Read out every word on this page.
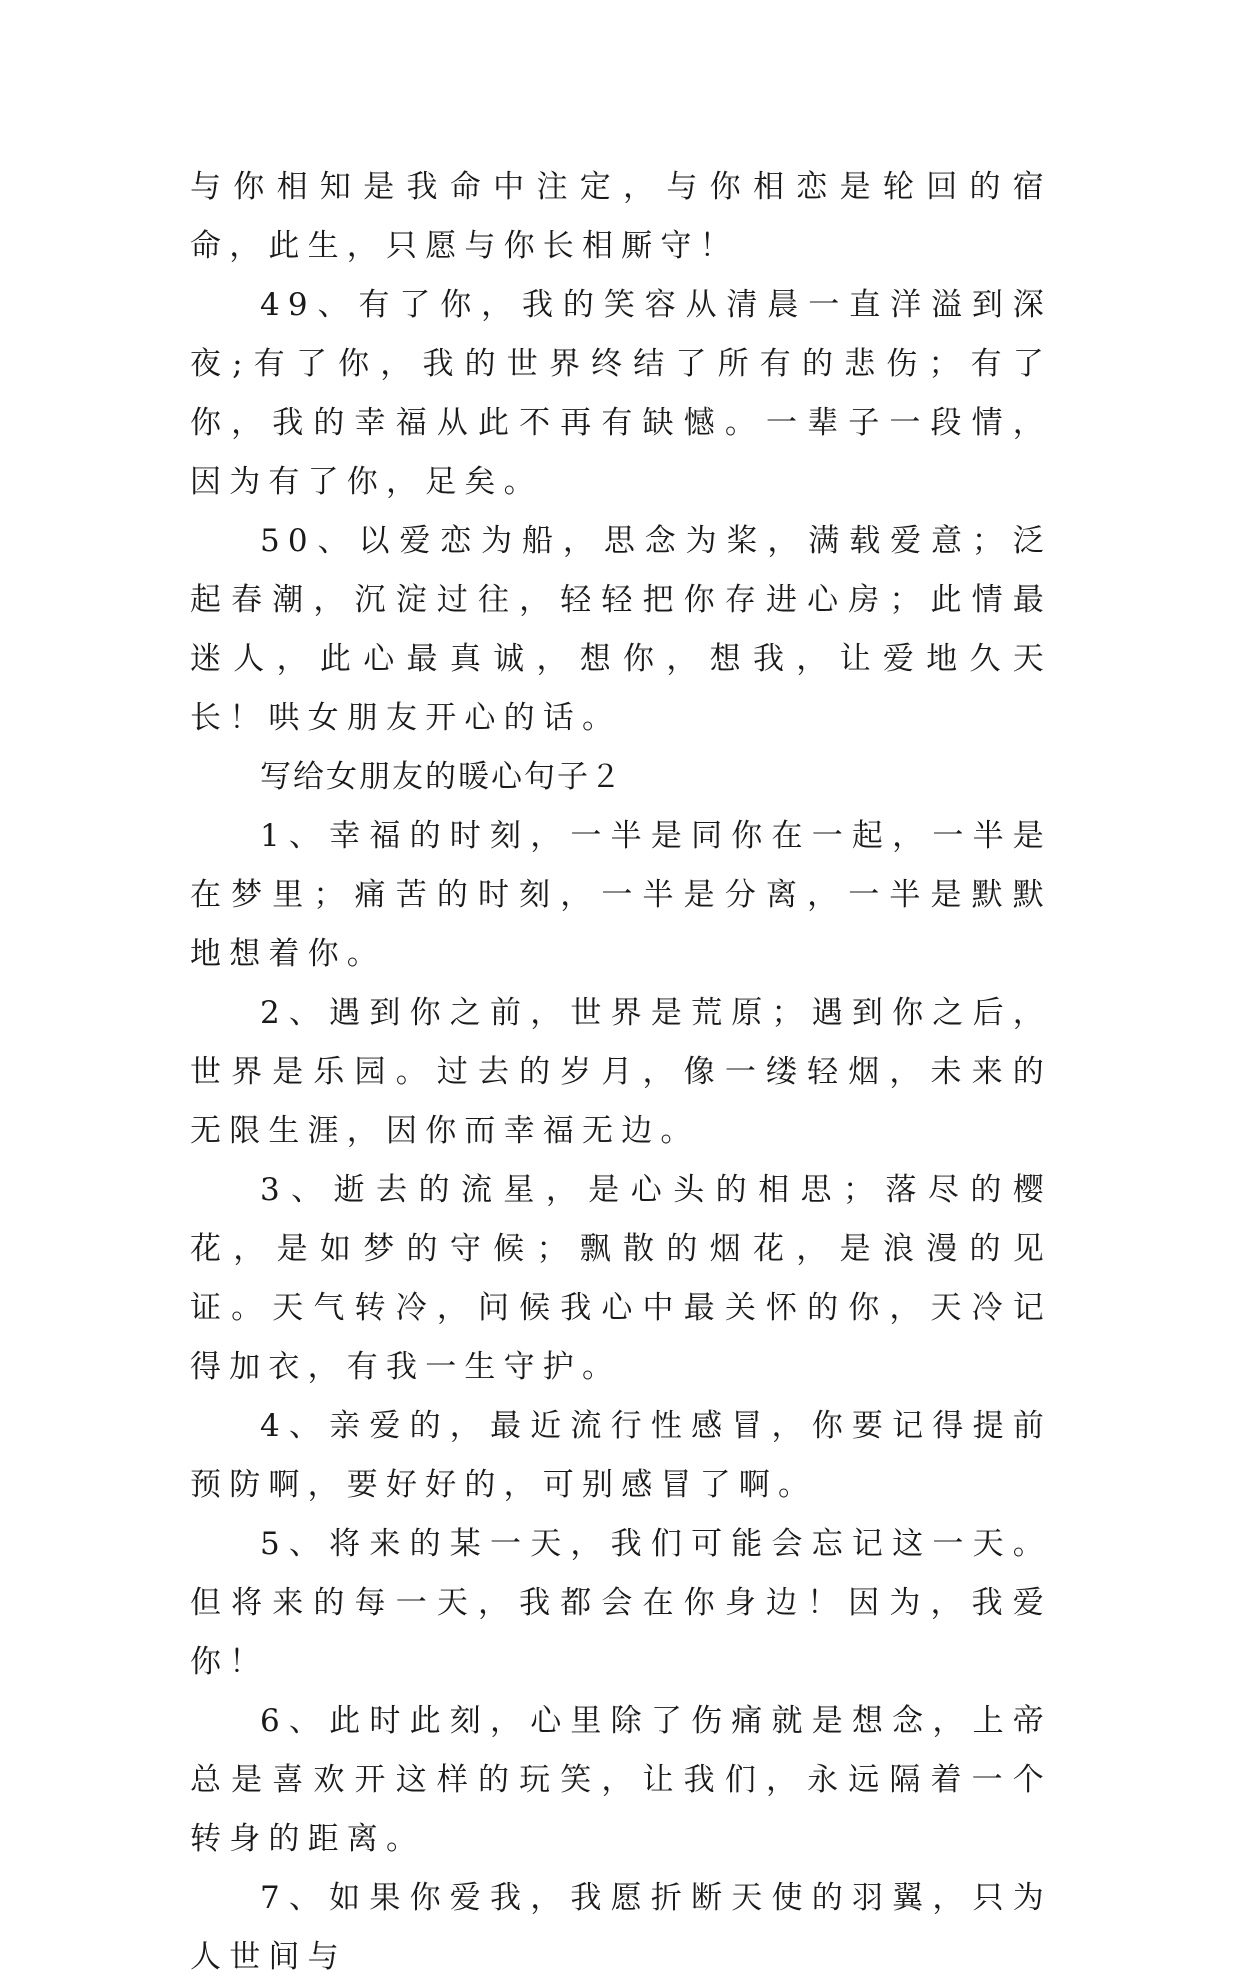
与你相知是我命中注定，与你相恋是轮回的宿命，此生，只愿与你长相厮守！

49、有了你，我的笑容从清晨一直洋溢到深夜;有了你，我的世界终结了所有的悲伤；有了你，我的幸福从此不再有缺憾。一辈子一段情，因为有了你，足矣。

50、以爱恋为船，思念为桨，满载爱意；泛起春潮，沉淀过往，轻轻把你存进心房；此情最迷人，此心最真诚，想你，想我，让爱地久天长！哄女朋友开心的话。

写给女朋友的暖心句子２

1、幸福的时刻，一半是同你在一起，一半是在梦里；痛苦的时刻，一半是分离，一半是默默地想着你。

2、遇到你之前，世界是荒原；遇到你之后，世界是乐园。过去的岁月，像一缕轻烟，未来的无限生涯，因你而幸福无边。

3、逝去的流星，是心头的相思；落尽的樱花，是如梦的守候；飘散的烟花，是浪漫的见证。天气转冷，问候我心中最关怀的你，天冷记得加衣，有我一生守护。

4、亲爱的，最近流行性感冒，你要记得提前预防啊，要好好的，可别感冒了啊。

5、将来的某一天，我们可能会忘记这一天。但将来的每一天，我都会在你身边！因为，我爱你！

6、此时此刻，心里除了伤痛就是想念，上帝总是喜欢开这样的玩笑，让我们，永远隔着一个转身的距离。

7、如果你爱我，我愿折断天使的羽翼，只为人世间与
